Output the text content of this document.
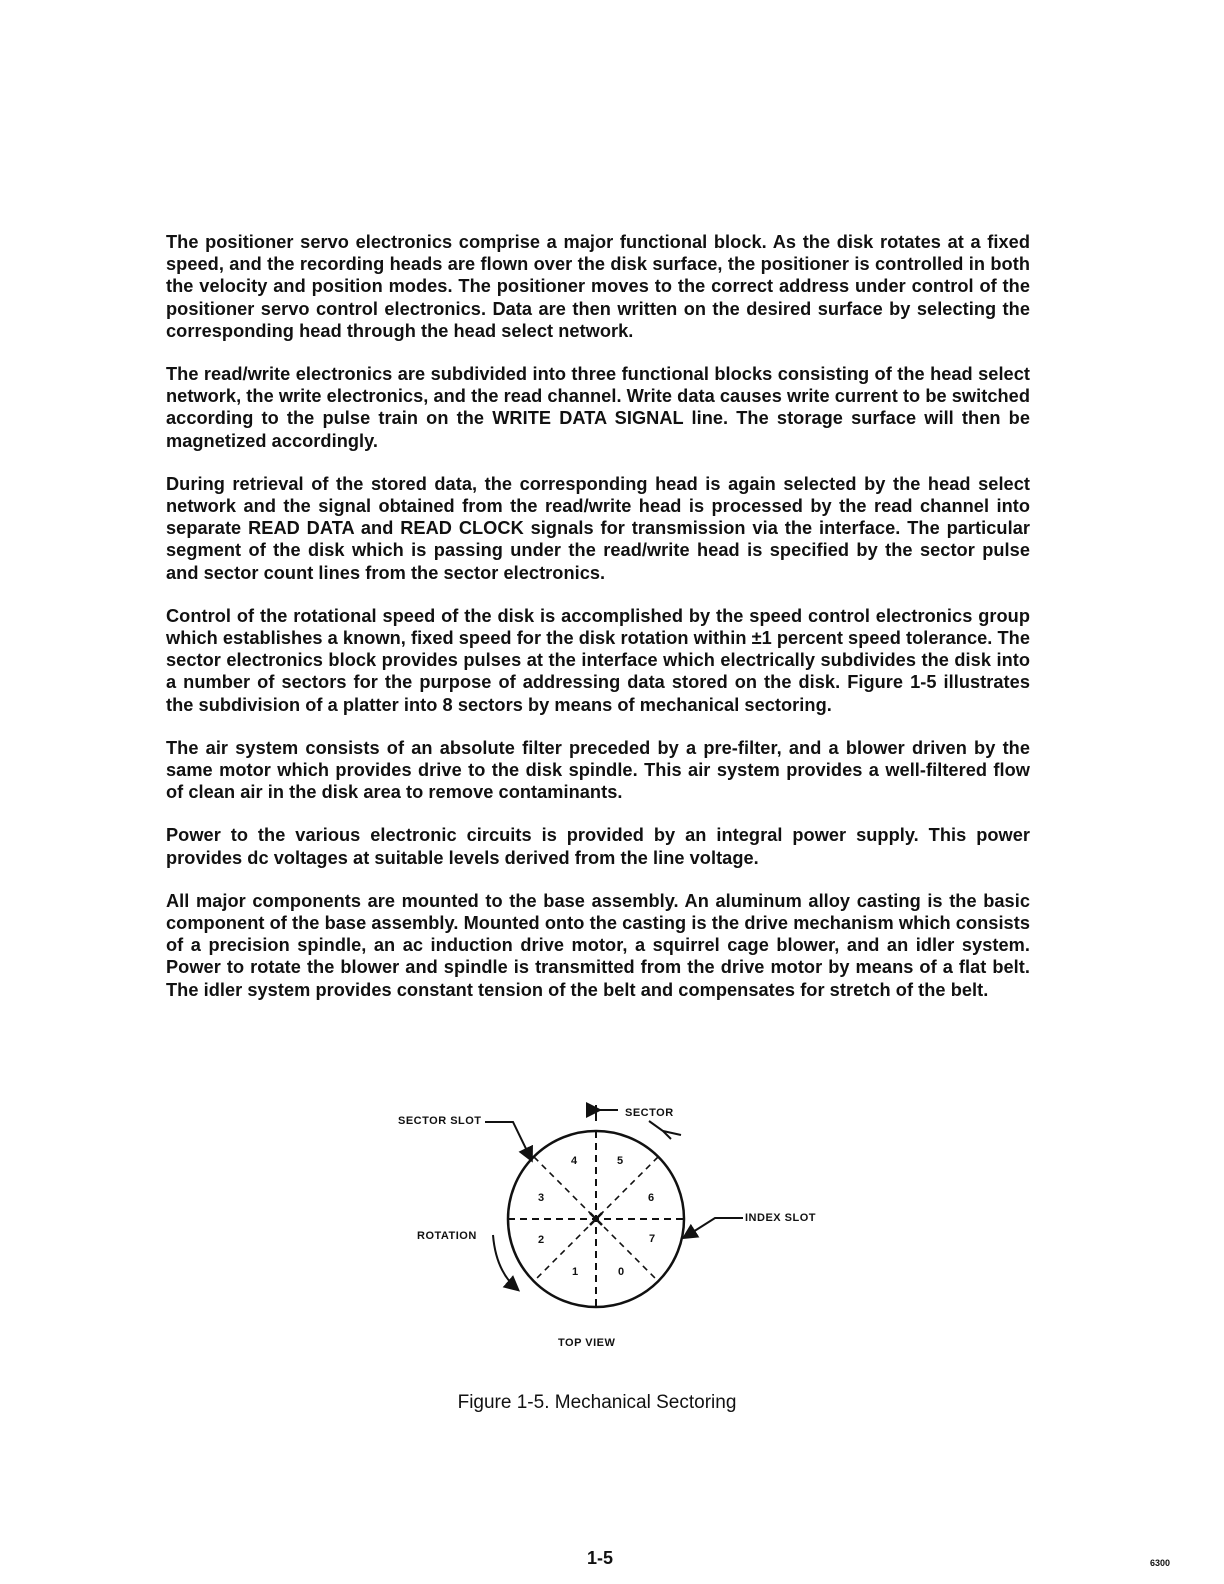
The positioner servo electronics comprise a major functional block. As the disk rotates at a fixed speed, and the recording heads are flown over the disk surface, the positioner is controlled in both the velocity and position modes. The positioner moves to the correct address under control of the positioner servo control electronics. Data are then written on the desired surface by selecting the corresponding head through the head select network.

The read/write electronics are subdivided into three functional blocks consisting of the head select network, the write electronics, and the read channel. Write data causes write current to be switched according to the pulse train on the WRITE DATA SIGNAL line. The storage surface will then be magnetized accordingly.

During retrieval of the stored data, the corresponding head is again selected by the head select network and the signal obtained from the read/write head is processed by the read channel into separate READ DATA and READ CLOCK signals for transmission via the interface. The particular segment of the disk which is passing under the read/write head is specified by the sector pulse and sector count lines from the sector electronics.

Control of the rotational speed of the disk is accomplished by the speed control electronics group which establishes a known, fixed speed for the disk rotation within ±1 percent speed tolerance. The sector electronics block provides pulses at the interface which electrically subdivides the disk into a number of sectors for the purpose of addressing data stored on the disk. Figure 1-5 illustrates the subdivision of a platter into 8 sectors by means of mechanical sectoring.

The air system consists of an absolute filter preceded by a pre-filter, and a blower driven by the same motor which provides drive to the disk spindle. This air system provides a well-filtered flow of clean air in the disk area to remove contaminants.

Power to the various electronic circuits is provided by an integral power supply. This power provides dc voltages at suitable levels derived from the line voltage.

All major components are mounted to the base assembly. An aluminum alloy casting is the basic component of the base assembly. Mounted onto the casting is the drive mechanism which consists of a precision spindle, an ac induction drive motor, a squirrel cage blower, and an idler system. Power to rotate the blower and spindle is transmitted from the drive motor by means of a flat belt. The idler system provides constant tension of the belt and compensates for stretch of the belt.

SECTOR SLOT
SECTOR
INDEX SLOT
ROTATION
TOP VIEW
0
1
2
3
4	5
6
7
Figure 1-5. Mechanical Sectoring
1-5	6300
